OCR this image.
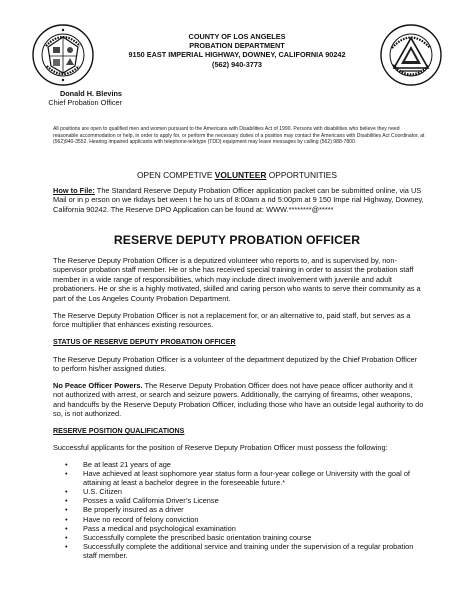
COUNTY OF LOS ANGELES
PROBATION DEPARTMENT
9150 EAST IMPERIAL HIGHWAY, DOWNEY, CALIFORNIA 90242
(562) 940-3773
Donald H. Blevins
Chief Probation Officer
All positions are open to qualified men and women pursuant to the Americans with Disabilities Act of 1990. Persons with disabilities who believe they need reasonable accommodation or help, in order to apply for, or perform the necessary duties of a position may contact the Americans with Disabilities Act Coordinator, at (562)940-3552. Hearing impaired applicants with telephone-teletype (TDD) equipment may leave messages by calling (562) 988-7800.
OPEN COMPETIVE VOLUNTEER OPPORTUNITIES
How to File: The Standard Reserve Deputy Probation Officer application packet can be submitted online, via US Mail or in p erson on we rkdays bet ween t he ho urs of 8:00am a nd 5:00pm at 9 150 Impe rial Highway, Downey, California 90242. The Reserve DPO Application can be found at: WWW.********@*****
RESERVE DEPUTY PROBATION OFFICER
The Reserve Deputy Probation Officer is a deputized volunteer who reports to, and is supervised by, non-supervisor probation staff member. He or she has received special training in order to assist the probation staff member in a wide range of responsibilities, which may include direct involvement with juvenile and adult probationers. He or she is a highly motivated, skilled and caring person who wants to serve their community as a part of the Los Angeles County Probation Department.
The Reserve Deputy Probation Officer is not a replacement for, or an alternative to, paid staff, but serves as a force multiplier that enhances existing resources.
STATUS OF RESERVE DEPUTY PROBATION OFFICER
The Reserve Deputy Probation Officer is a volunteer of the department deputized by the Chief Probation Officer to perform his/her assigned duties.
No Peace Officer Powers. The Reserve Deputy Probation Officer does not have peace officer authority and it not authorized with arrest, or search and seizure powers. Additionally, the carrying of firearms, other weapons, and handcuffs by the Reserve Deputy Probation Officer, including those who have an outside legal authority to do so, is not authorized.
RESERVE POSITION QUALIFICATIONS
Successful applicants for the position of Reserve Deputy Probation Officer must possess the following:
• Be at least 21 years of age
• Have achieved at least sophomore year status form a four-year college or University with the goal of attaining at least a bachelor degree in the foreseeable future.*
• U.S. Citizen
• Posses a valid California Driver’s License
• Be properly insured as a driver
• Have no record of felony conviction
• Pass a medical and psychological examination
• Successfully complete the prescribed basic orientation training course
• Successfully complete the additional service and training under the supervision of a regular probation staff member.
